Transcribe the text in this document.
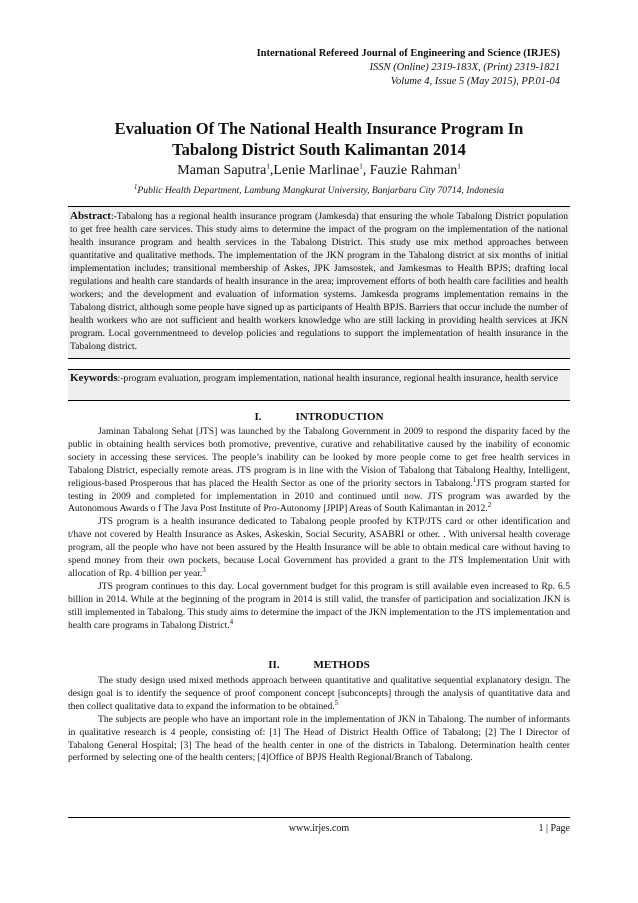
International Refereed Journal of Engineering and Science (IRJES)
ISSN (Online) 2319-183X, (Print) 2319-1821
Volume 4, Issue 5 (May 2015), PP.01-04
Evaluation Of The National Health Insurance Program In
Tabalong District South Kalimantan 2014
Maman Saputra$^1$,Lenie Marlinae$^1$, Fauzie Rahman$^1$
$^1$Public Health Department, Lambung Mangkurat University, Banjarbaru City 70714, Indonesia
Abstract:-Tabalong has a regional health insurance program (Jamkesda) that ensuring the whole Tabalong District population to get free health care services. This study aims to determine the impact of the program on the implementation of the national health insurance program and health services in the Tabalong District. This study use mix method approaches between quantitative and qualitative methods. The implementation of the JKN program in the Tabalong district at six months of initial implementation includes; transitional membership of Askes, JPK Jamsostek, and Jamkesmas to Health BPJS; drafting local regulations and health care standards of health insurance in the area; improvement efforts of both health care facilities and health workers; and the development and evaluation of information systems. Jamkesda programs implementation remains in the Tabalong district, although some people have signed up as participants of Health BPJS. Barriers that occur include the number of health workers who are not sufficient and health workers knowledge who are still lacking in providing health services at JKN program. Local governmentneed to develop policies and regulations to support the implementation of health insurance in the Tabalong district.
Keywords:-program evaluation, program implementation, national health insurance, regional health insurance, health service
I.	INTRODUCTION

Jaminan Tabalong Sehat [JTS] was launched by the Tabalong Government in 2009 to respond the disparity faced by the public in obtaining health services both promotive, preventive, curative and rehabilitative caused by the inability of economic society in accessing these services. The people’s inability can be looked by more people come to get free health services in Tabalong District, especially remote areas. JTS program is in line with the Vision of Tabalong that Tabalong Healthy, Intelligent, religious-based Prosperous that has placed the Health Sector as one of the priority sectors in Tabalong.$^1$JTS program started for testing in 2009 and completed for implementation in 2010 and continued until now. JTS program was awarded by the Autonomous Awards o f The Java Post Institute of Pro-Autonomy [JPIP] Areas of South Kalimantan in 2012.$^2$

JTS program is a health insurance dedicated to Tabalong people proofed by KTP/JTS card or other identification and t/have not covered by Health Insurance as Askes, Askeskin, Social Security, ASABRI or other. . With universal health coverage program, all the people who have not been assured by the Health Insurance will be able to obtain medical care without having to spend money from their own pockets, because Local Government has provided a grant to the JTS Implementation Unit with allocation of Rp. 4 billion per year.$^3$

JTS program continues to this day. Local government budget for this program is still available even increased to Rp. 6.5 billion in 2014. While at the beginning of the program in 2014 is still valid, the transfer of participation and socialization JKN is still implemented in Tabalong. This study aims to determine the impact of the JKN implementation to the JTS implementation and health care programs in Tabalong District.$^4$

II.	METHODS

The study design used mixed methods approach between quantitative and qualitative sequential explanatory design. The design goal is to identify the sequence of proof component concept [subconcepts] through the analysis of quantitative data and then collect qualitative data to expand the information to be obtained.$^5$

The subjects are people who have an important role in the implementation of JKN in Tabalong. The number of informants in qualitative research is 4 people, consisting of: [1] The Head of District Health Office of Tabalong; [2] The l Director of Tabalong General Hospital; [3] The head of the health center in one of the districts in Tabalong. Determination health center performed by selecting one of the health centers; [4]Office of BPJS Health Regional/Branch of Tabalong.

www.irjes.com	1 | Page
